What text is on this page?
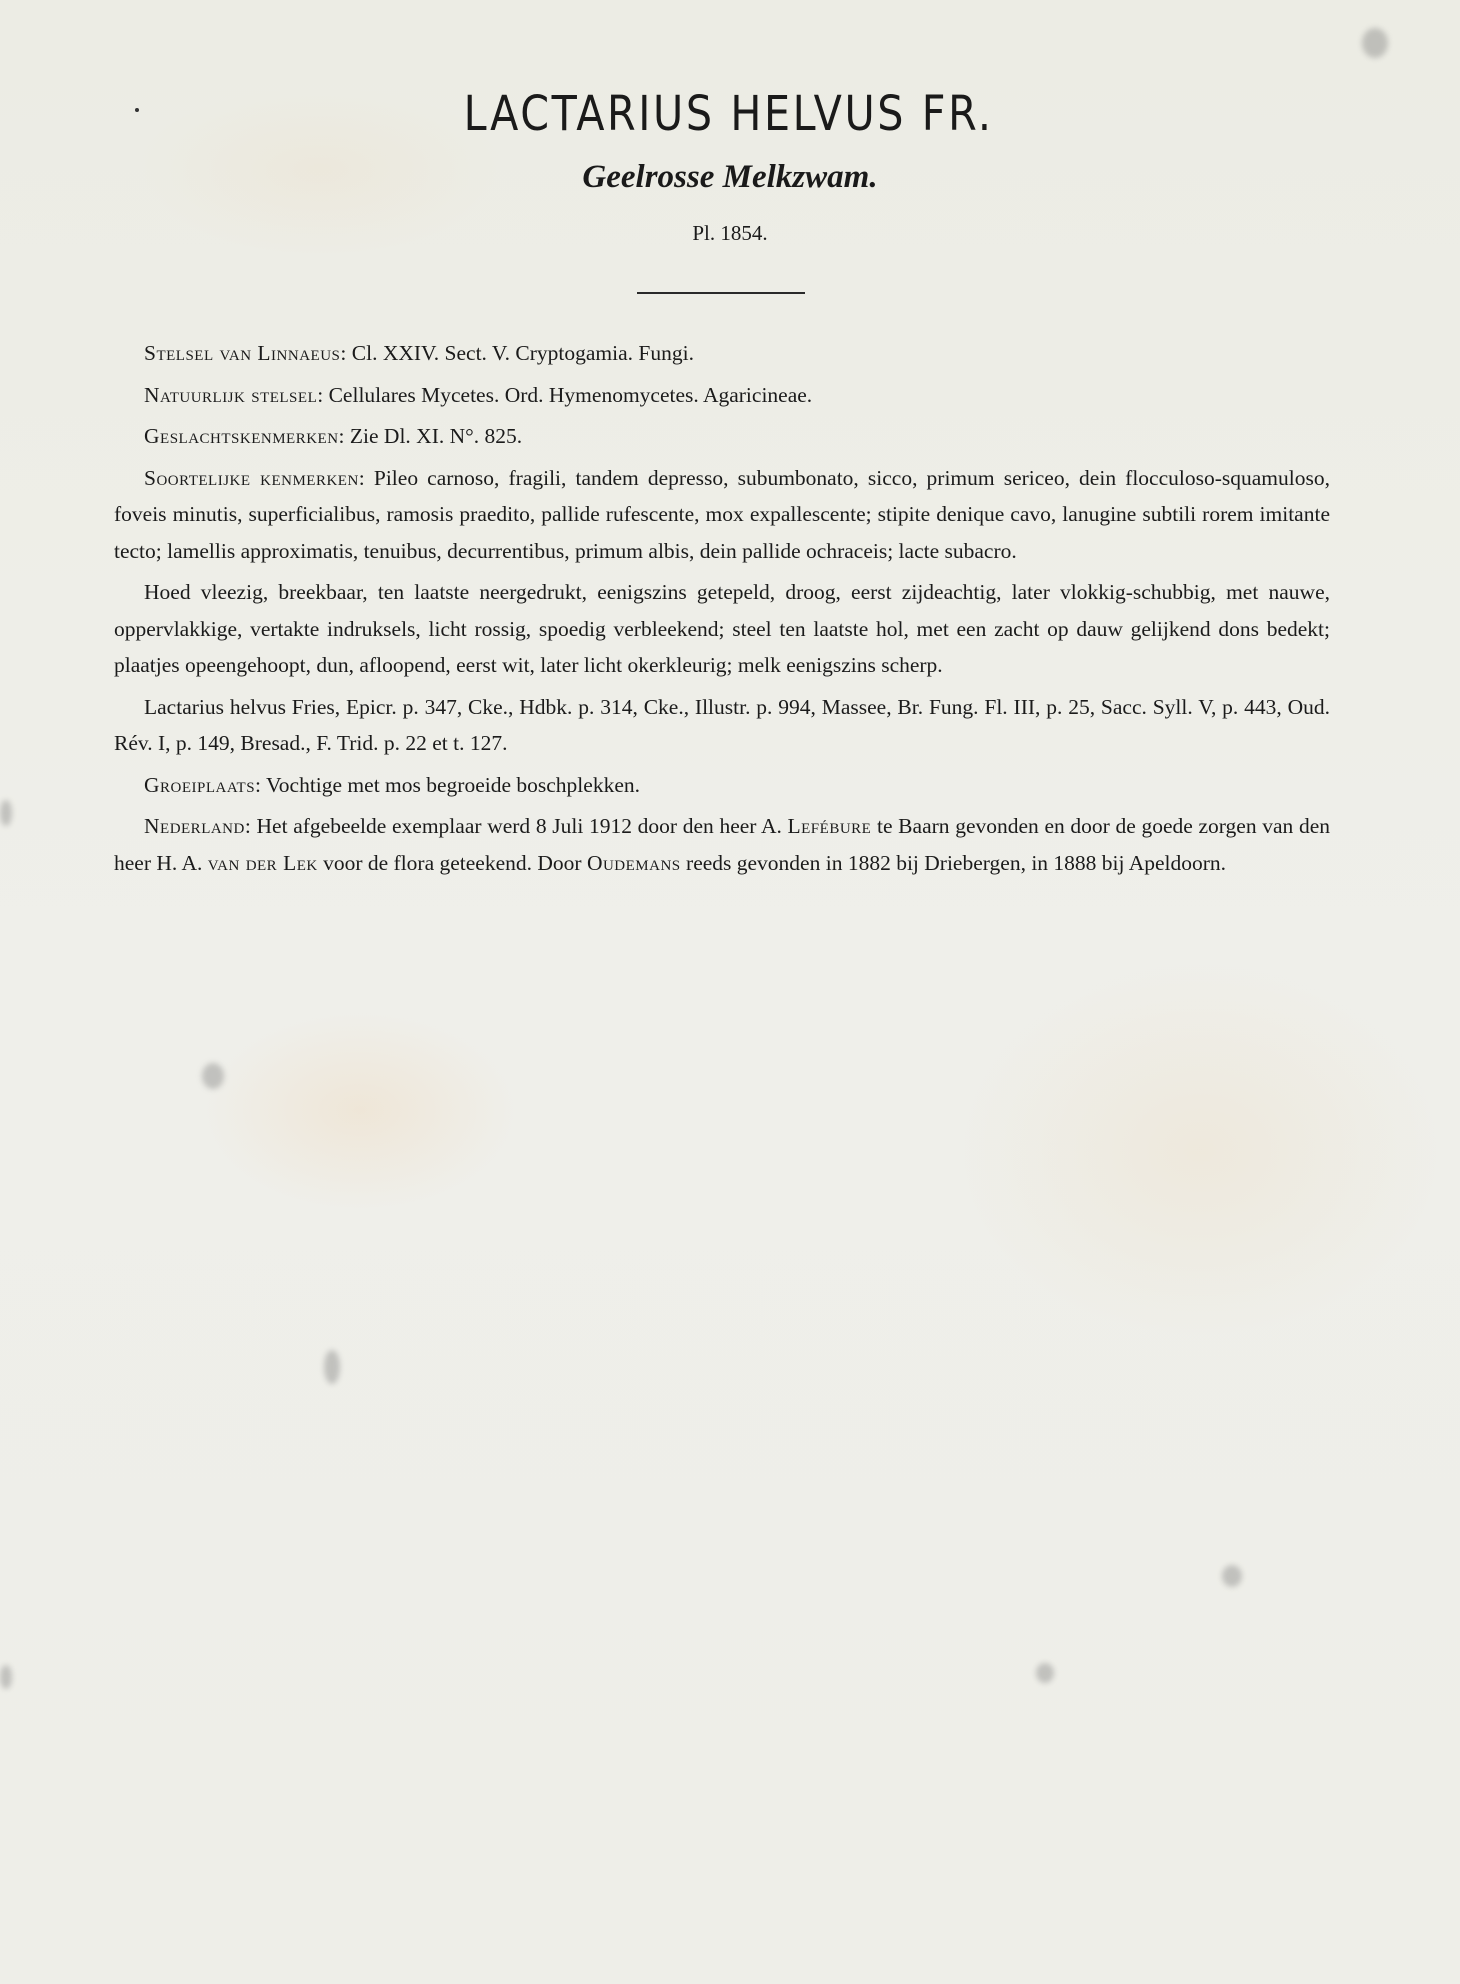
LACTARIUS HELVUS FR.
Geelrosse Melkzwam.
Pl. 1854.

Stelsel van Linnaeus: Cl. XXIV. Sect. V. Cryptogamia. Fungi.

Natuurlijk stelsel: Cellulares Mycetes. Ord. Hymenomycetes. Agaricineae.

Geslachtskenmerken: Zie Dl. XI. N°. 825.

Soortelijke kenmerken: Pileo carnoso, fragili, tandem depresso, subumbonato, sicco, primum sericeo, dein flocculoso-squamuloso, foveis minutis, superficialibus, ramosis praedito, pallide rufescente, mox expallescente; stipite denique cavo, lanugine subtili rorem imitante tecto; lamellis approximatis, tenuibus, decurrentibus, primum albis, dein pallide ochraceis; lacte subacro.

Hoed vleezig, breekbaar, ten laatste neergedrukt, eenigszins getepeld, droog, eerst zijdeachtig, later vlokkig-schubbig, met nauwe, oppervlakkige, vertakte indruksels, licht rossig, spoedig verbleekend; steel ten laatste hol, met een zacht op dauw gelijkend dons bedekt; plaatjes opeengehoopt, dun, afloopend, eerst wit, later licht okerkleurig; melk eenigszins scherp.

Lactarius helvus Fries, Epicr. p. 347, Cke., Hdbk. p. 314, Cke., Illustr. p. 994, Massee, Br. Fung. Fl. III, p. 25, Sacc. Syll. V, p. 443, Oud. Rév. I, p. 149, Bresad., F. Trid. p. 22 et t. 127.

Groeiplaats: Vochtige met mos begroeide boschplekken.

Nederland: Het afgebeelde exemplaar werd 8 Juli 1912 door den heer A. Lefébure te Baarn gevonden en door de goede zorgen van den heer H. A. van der Lek voor de flora geteekend. Door Oudemans reeds gevonden in 1882 bij Driebergen, in 1888 bij Apeldoorn.
